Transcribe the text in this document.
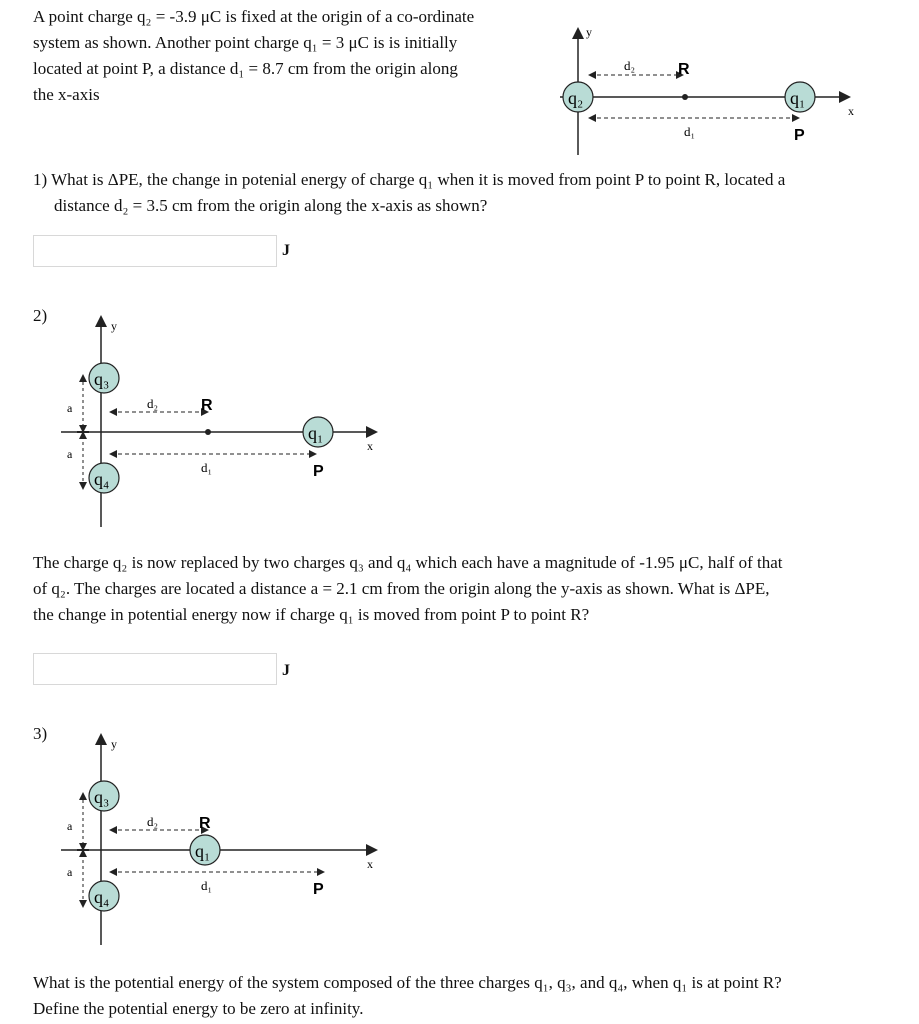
A point charge q₂ = -3.9 μC is fixed at the origin of a co-ordinate
system as shown. Another point charge q₁ = 3 μC is is initially
located at point P, a distance d₁ = 8.7 cm from the origin along
the x-axis
y
x
d₂
d₁
R
P
q₂	q₁
1) What is ΔPE, the change in potenial energy of charge q₁ when it is moved from point P to point R, located a
distance d₂ = 3.5 cm from the origin along the x-axis as shown?
J
2)
y
x
a
a
d₂
d₁
R
P
q₃
q₄
q₁
The charge q₂ is now replaced by two charges q₃ and q₄ which each have a magnitude of -1.95 μC, half of that
of q₂. The charges are located a distance a = 2.1 cm from the origin along the y-axis as shown. What is ΔPE,
the change in potential energy now if charge q₁ is moved from point P to point R?
J
3)
y
x
a
a
d₂
d₁
R
P
q₃
q₄
q₁
What is the potential energy of the system composed of the three charges q₁, q₃, and q₄, when q₁ is at point R?
Define the potential energy to be zero at infinity.
